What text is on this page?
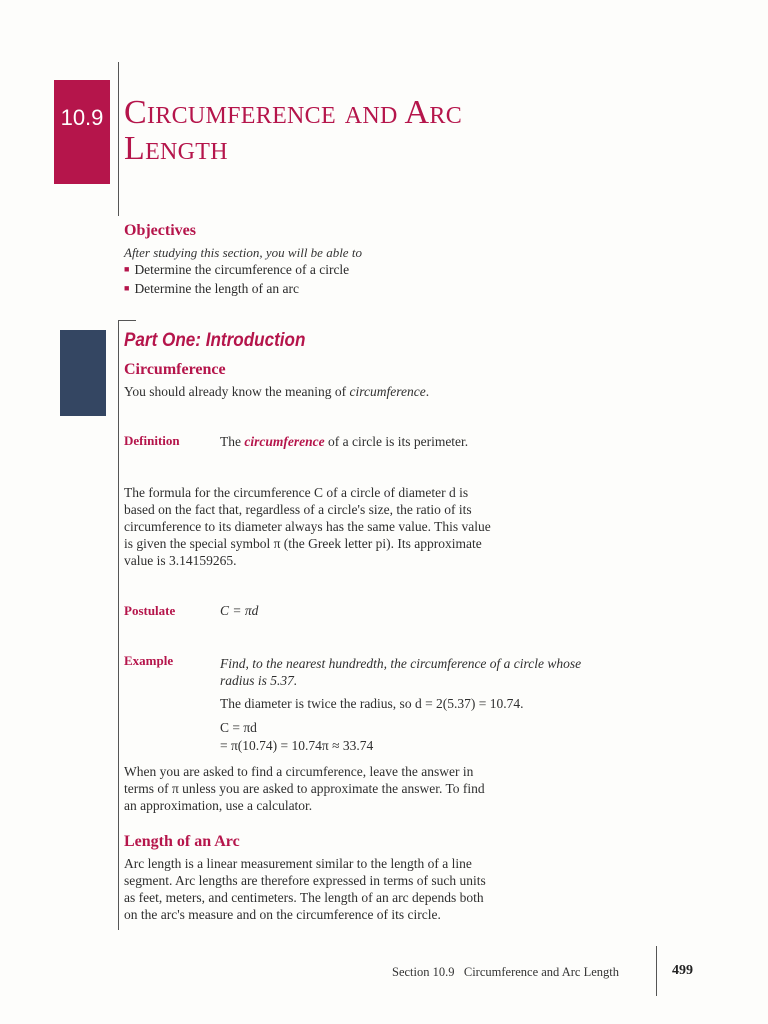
10.9 Circumference and Arc
Length
Objectives
After studying this section, you will be able to
■ Determine the circumference of a circle
■ Determine the length of an arc
Part One: Introduction
Circumference
You should already know the meaning of circumference.
Definition	The circumference of a circle is its perimeter.
The formula for the circumference C of a circle of diameter d is
based on the fact that, regardless of a circle's size, the ratio of its
circumference to its diameter always has the same value. This value
is given the special symbol π (the Greek letter pi). Its approximate
value is 3.14159265.
Postulate	C = πd
Example	Find, to the nearest hundredth, the circumference of a circle whose
radius is 5.37.
The diameter is twice the radius, so d = 2(5.37) = 10.74.
C = πd
= π(10.74) = 10.74π ≈ 33.74
When you are asked to find a circumference, leave the answer in
terms of π unless you are asked to approximate the answer. To find
an approximation, use a calculator.
Length of an Arc
Arc length is a linear measurement similar to the length of a line
segment. Arc lengths are therefore expressed in terms of such units
as feet, meters, and centimeters. The length of an arc depends both
on the arc's measure and on the circumference of its circle.
Section 10.9   Circumference and Arc Length	499
